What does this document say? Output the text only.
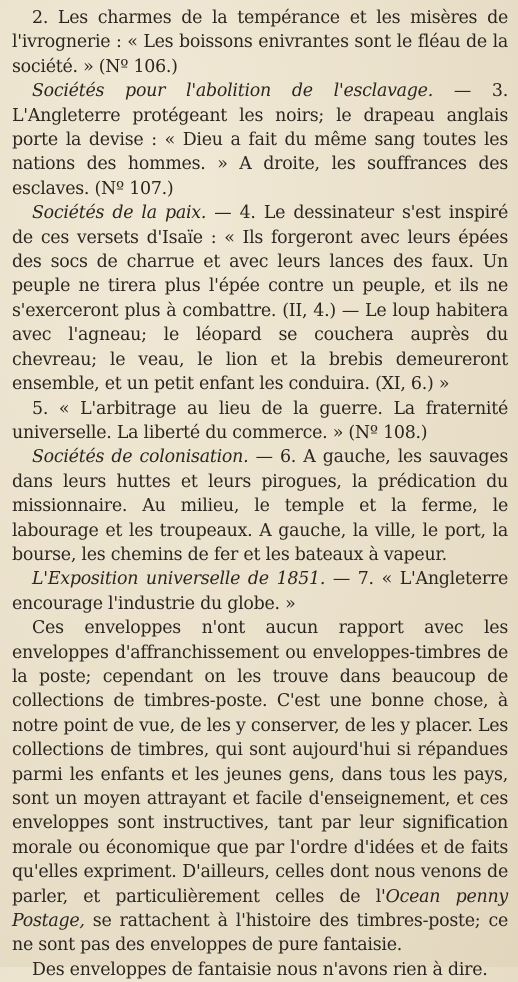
2. Les charmes de la tempérance et les misères de l'ivrognerie : « Les boissons enivrantes sont le fléau de la société. » (Nº 106.)

Sociétés pour l'abolition de l'esclavage. — 3. L'Angleterre protégeant les noirs; le drapeau anglais porte la devise : « Dieu a fait du même sang toutes les nations des hommes. » A droite, les souffrances des esclaves. (Nº 107.)

Sociétés de la paix. — 4. Le dessinateur s'est inspiré de ces versets d'Isaïe : « Ils forgeront avec leurs épées des socs de charrue et avec leurs lances des faux. Un peuple ne tirera plus l'épée contre un peuple, et ils ne s'exerceront plus à combattre. (II, 4.) — Le loup habitera avec l'agneau; le léopard se couchera auprès du chevreau; le veau, le lion et la brebis demeureront ensemble, et un petit enfant les conduira. (XI, 6.) »

5. « L'arbitrage au lieu de la guerre. La fraternité universelle. La liberté du commerce. » (Nº 108.)

Sociétés de colonisation. — 6. A gauche, les sauvages dans leurs huttes et leurs pirogues, la prédication du missionnaire. Au milieu, le temple et la ferme, le labourage et les troupeaux. A gauche, la ville, le port, la bourse, les chemins de fer et les bateaux à vapeur.

L'Exposition universelle de 1851. — 7. « L'Angleterre encourage l'industrie du globe. »

Ces enveloppes n'ont aucun rapport avec les enveloppes d'affranchissement ou enveloppes-timbres de la poste; cependant on les trouve dans beaucoup de collections de timbres-poste. C'est une bonne chose, à notre point de vue, de les y conserver, de les y placer. Les collections de timbres, qui sont aujourd'hui si répandues parmi les enfants et les jeunes gens, dans tous les pays, sont un moyen attrayant et facile d'enseignement, et ces enveloppes sont instructives, tant par leur signification morale ou économique que par l'ordre d'idées et de faits qu'elles expriment. D'ailleurs, celles dont nous venons de parler, et particulièrement celles de l'Ocean penny Postage, se rattachent à l'histoire des timbres-poste; ce ne sont pas des enveloppes de pure fantaisie.

Des enveloppes de fantaisie nous n'avons rien à dire.
